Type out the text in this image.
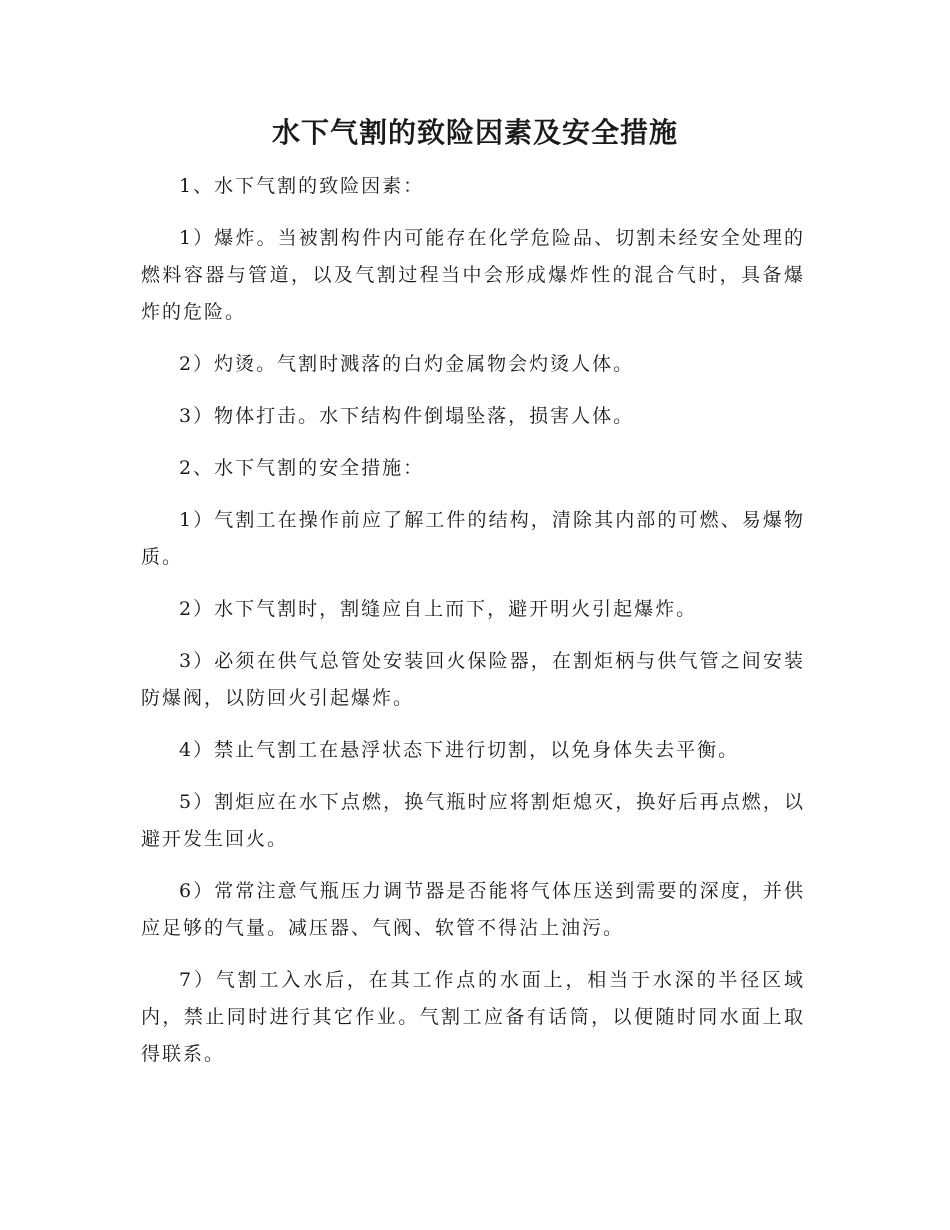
水下气割的致险因素及安全措施

1、水下气割的致险因素：

1）爆炸。当被割构件内可能存在化学危险品、切割未经安全处理的燃料容器与管道，以及气割过程当中会形成爆炸性的混合气时，具备爆炸的危险。

2）灼烫。气割时溅落的白灼金属物会灼烫人体。

3）物体打击。水下结构件倒塌坠落，损害人体。

2、水下气割的安全措施：

1）气割工在操作前应了解工件的结构，清除其内部的可燃、易爆物质。

2）水下气割时，割缝应自上而下，避开明火引起爆炸。

3）必须在供气总管处安装回火保险器，在割炬柄与供气管之间安装防爆阀，以防回火引起爆炸。

4）禁止气割工在悬浮状态下进行切割，以免身体失去平衡。

5）割炬应在水下点燃，换气瓶时应将割炬熄灭，换好后再点燃，以避开发生回火。

6）常常注意气瓶压力调节器是否能将气体压送到需要的深度，并供应足够的气量。减压器、气阀、软管不得沾上油污。

7）气割工入水后，在其工作点的水面上，相当于水深的半径区域内，禁止同时进行其它作业。气割工应备有话筒，以便随时同水面上取得联系。
